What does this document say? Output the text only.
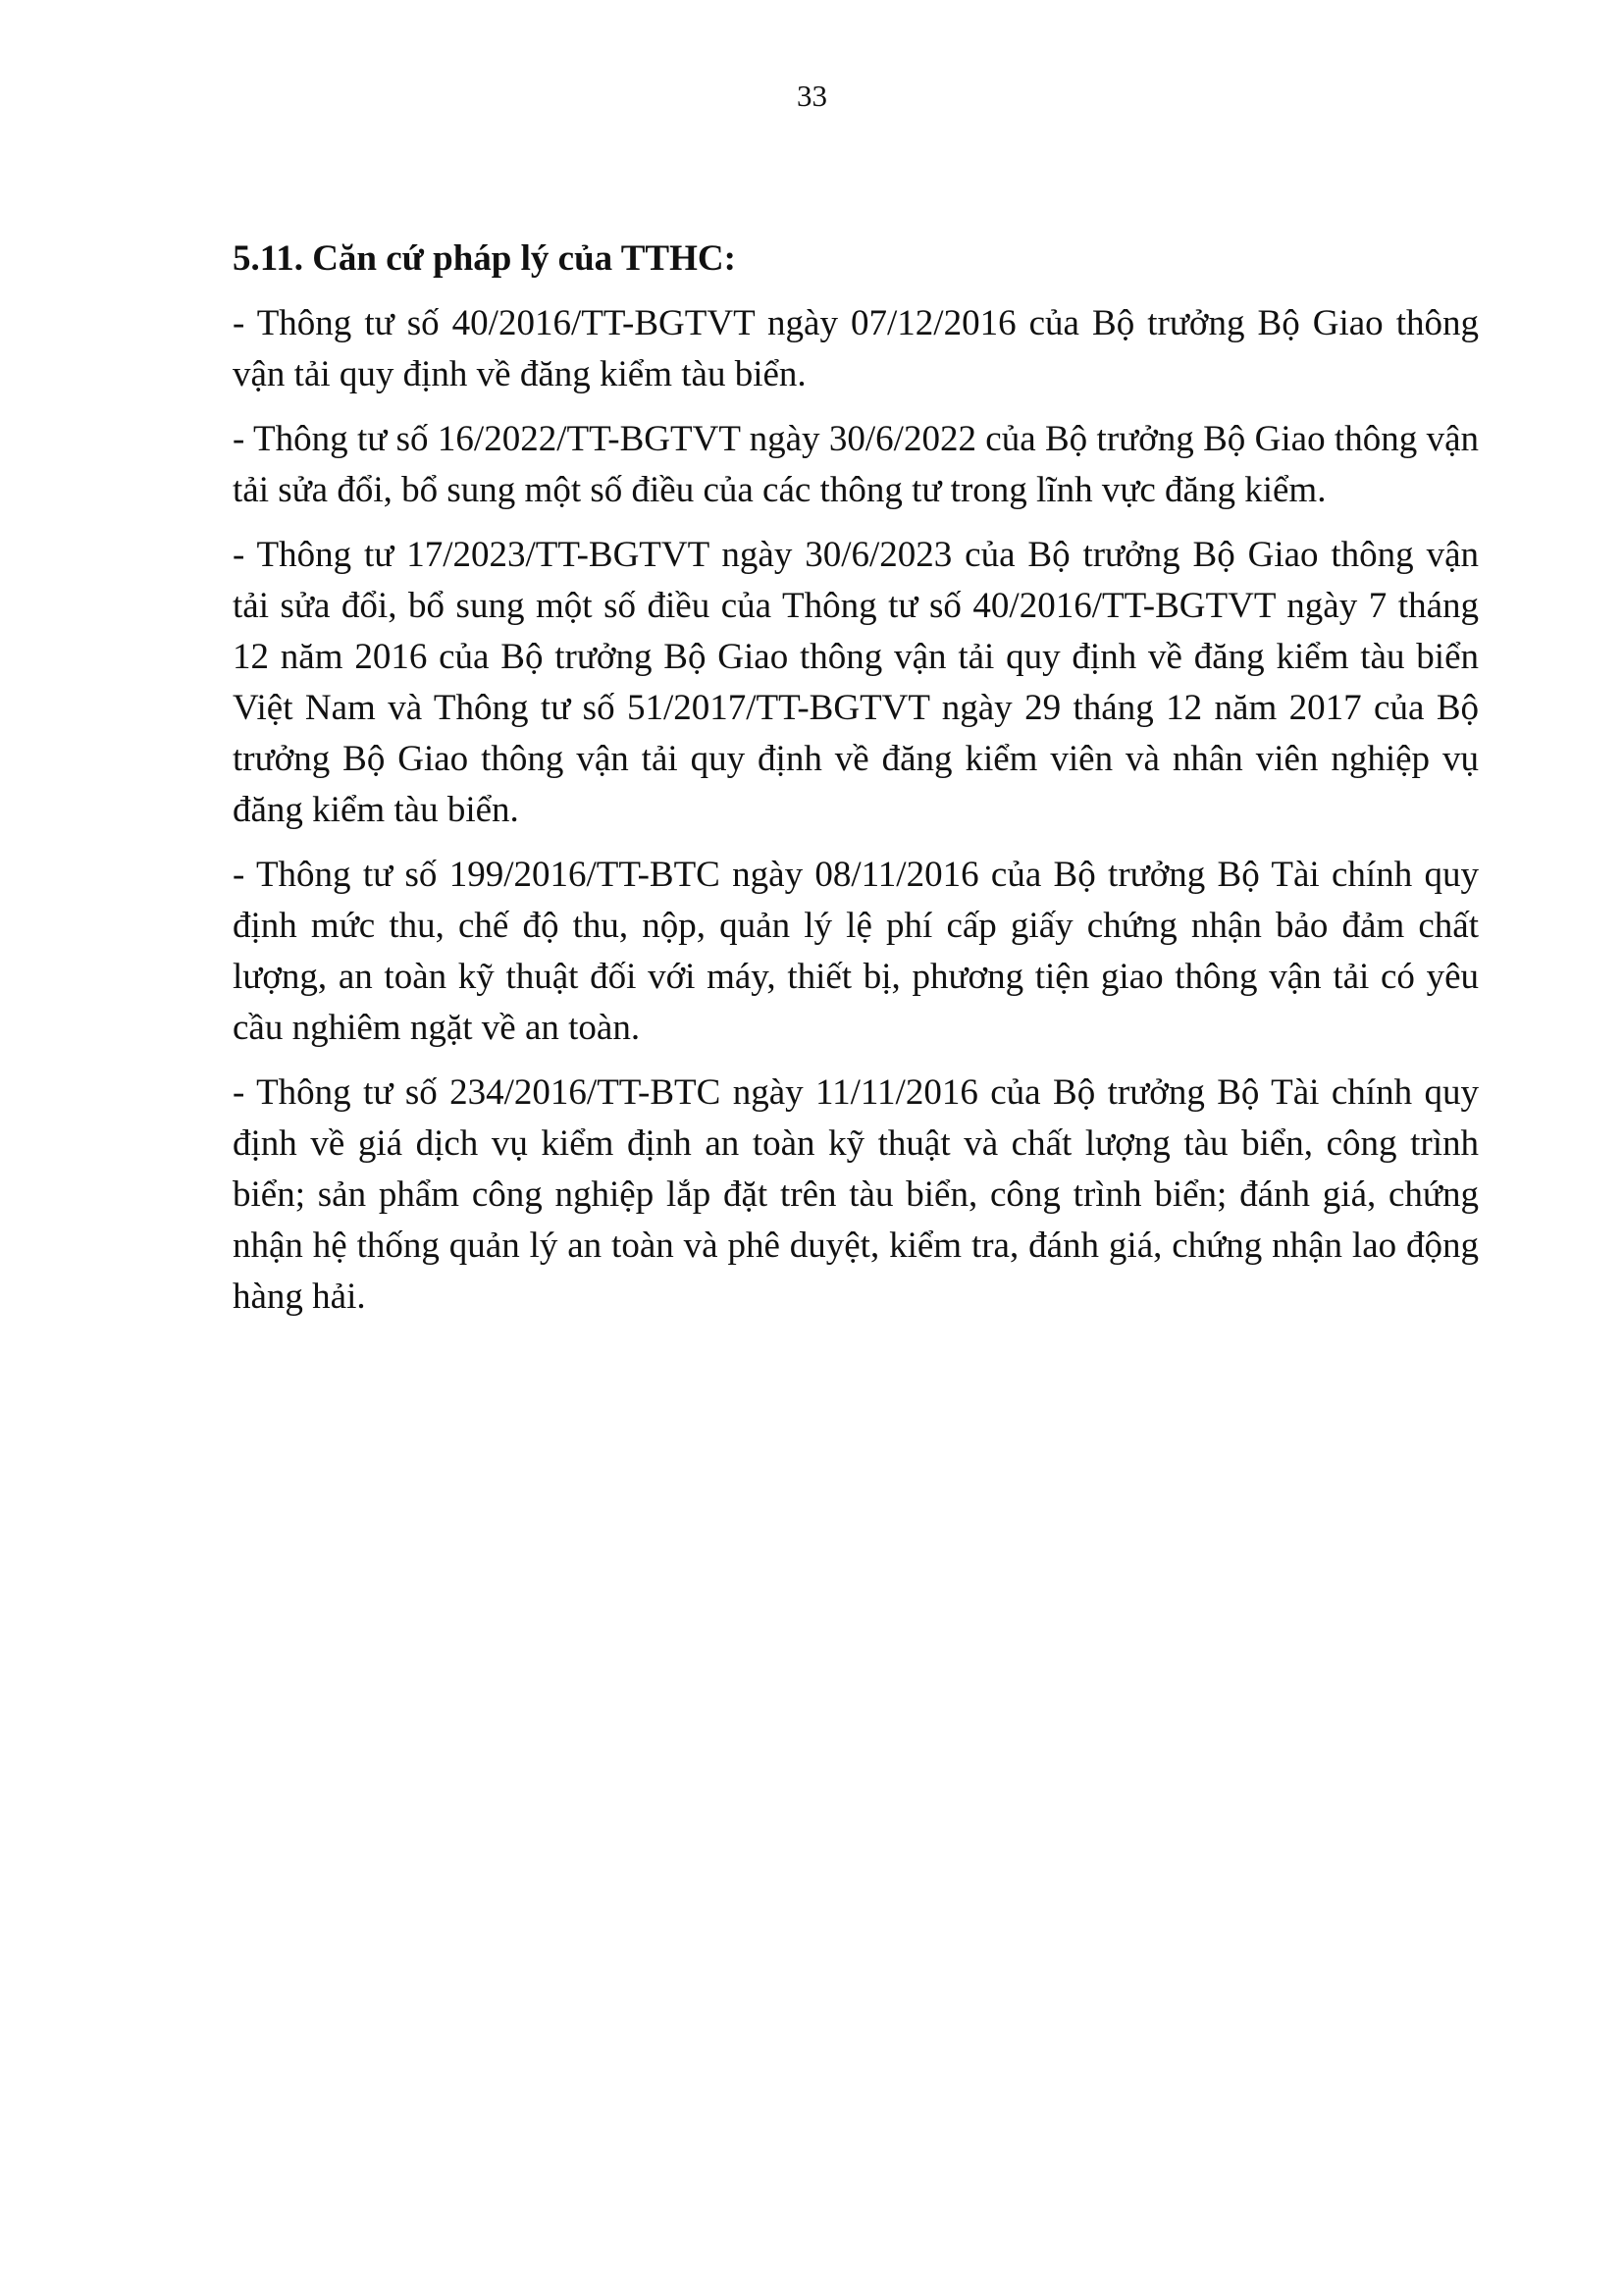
33
5.11. Căn cứ pháp lý của TTHC:
- Thông tư số 40/2016/TT-BGTVT ngày 07/12/2016 của Bộ trưởng Bộ Giao thông vận tải quy định về đăng kiểm tàu biển.
- Thông tư số 16/2022/TT-BGTVT ngày 30/6/2022 của Bộ trưởng Bộ Giao thông vận tải sửa đổi, bổ sung một số điều của các thông tư trong lĩnh vực đăng kiểm.
- Thông tư 17/2023/TT-BGTVT ngày 30/6/2023 của Bộ trưởng Bộ Giao thông vận tải sửa đổi, bổ sung một số điều của Thông tư số 40/2016/TT-BGTVT ngày 7 tháng 12 năm 2016 của Bộ trưởng Bộ Giao thông vận tải quy định về đăng kiểm tàu biển Việt Nam và Thông tư số 51/2017/TT-BGTVT ngày 29 tháng 12 năm 2017 của Bộ trưởng Bộ Giao thông vận tải quy định về đăng kiểm viên và nhân viên nghiệp vụ đăng kiểm tàu biển.
- Thông tư số 199/2016/TT-BTC ngày 08/11/2016 của Bộ trưởng Bộ Tài chính quy định mức thu, chế độ thu, nộp, quản lý lệ phí cấp giấy chứng nhận bảo đảm chất lượng, an toàn kỹ thuật đối với máy, thiết bị, phương tiện giao thông vận tải có yêu cầu nghiêm ngặt về an toàn.
- Thông tư số 234/2016/TT-BTC ngày 11/11/2016 của Bộ trưởng Bộ Tài chính quy định về giá dịch vụ kiểm định an toàn kỹ thuật và chất lượng tàu biển, công trình biển; sản phẩm công nghiệp lắp đặt trên tàu biển, công trình biển; đánh giá, chứng nhận hệ thống quản lý an toàn và phê duyệt, kiểm tra, đánh giá, chứng nhận lao động hàng hải.
